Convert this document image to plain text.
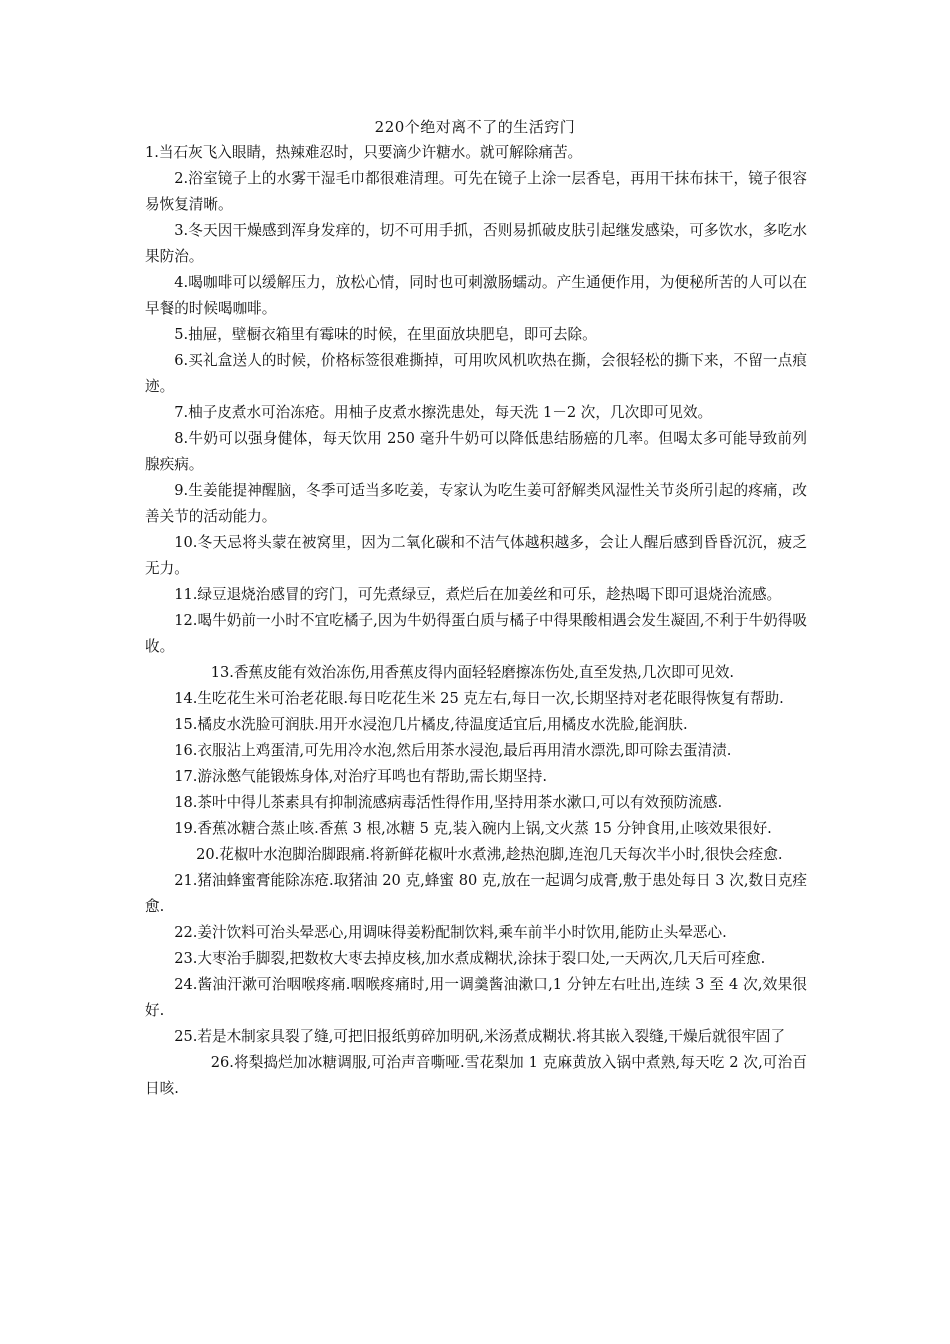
220个绝对离不了的生活窍门

1.当石灰飞入眼睛，热辣难忍时，只要滴少许糖水。就可解除痛苦。

2.浴室镜子上的水雾干湿毛巾都很难清理。可先在镜子上涂一层香皂，再用干抹布抹干，镜子很容易恢复清晰。

3.冬天因干燥感到浑身发痒的，切不可用手抓，否则易抓破皮肤引起继发感染，可多饮水，多吃水果防治。

4.喝咖啡可以缓解压力，放松心情，同时也可刺激肠蠕动。产生通便作用，为便秘所苦的人可以在早餐的时候喝咖啡。

5.抽屉，壁橱衣箱里有霉味的时候，在里面放块肥皂，即可去除。

6.买礼盒送人的时候，价格标签很难撕掉，可用吹风机吹热在撕，会很轻松的撕下来，不留一点痕迹。

7.柚子皮煮水可治冻疮。用柚子皮煮水擦洗患处，每天洗 1－2 次，几次即可见效。

8.牛奶可以强身健体，每天饮用 250 毫升牛奶可以降低患结肠癌的几率。但喝太多可能导致前列腺疾病。

9.生姜能提神醒脑，冬季可适当多吃姜，专家认为吃生姜可舒解类风湿性关节炎所引起的疼痛，改善关节的活动能力。

10.冬天忌将头蒙在被窝里，因为二氧化碳和不洁气体越积越多，会让人醒后感到昏昏沉沉，疲乏无力。

11.绿豆退烧治感冒的窍门，可先煮绿豆，煮烂后在加姜丝和可乐，趁热喝下即可退烧治流感。

12.喝牛奶前一小时不宜吃橘子,因为牛奶得蛋白质与橘子中得果酸相遇会发生凝固,不利于牛奶得吸收。

13.香蕉皮能有效治冻伤,用香蕉皮得内面轻轻磨擦冻伤处,直至发热,几次即可见效.

14.生吃花生米可治老花眼.每日吃花生米 25 克左右,每日一次,长期坚持对老花眼得恢复有帮助.

15.橘皮水洗脸可润肤.用开水浸泡几片橘皮,待温度适宜后,用橘皮水洗脸,能润肤.

16.衣服沾上鸡蛋清,可先用冷水泡,然后用茶水浸泡,最后再用清水漂洗,即可除去蛋清渍.

17.游泳憋气能锻炼身体,对治疗耳鸣也有帮助,需长期坚持.

18.茶叶中得儿茶素具有抑制流感病毒活性得作用,坚持用茶水漱口,可以有效预防流感.

19.香蕉冰糖合蒸止咳.香蕉 3 根,冰糖 5 克,装入碗内上锅,文火蒸 15 分钟食用,止咳效果很好.

20.花椒叶水泡脚治脚跟痛.将新鲜花椒叶水煮沸,趁热泡脚,连泡几天每次半小时,很快会痊愈.

21.猪油蜂蜜膏能除冻疮.取猪油 20 克,蜂蜜 80 克,放在一起调匀成膏,敷于患处每日 3 次,数日克痊愈.

22.姜汁饮料可治头晕恶心,用调味得姜粉配制饮料,乘车前半小时饮用,能防止头晕恶心.

23.大枣治手脚裂,把数枚大枣去掉皮核,加水煮成糊状,涂抹于裂口处,一天两次,几天后可痊愈.

24.酱油汗漱可治咽喉疼痛.咽喉疼痛时,用一调羹酱油漱口,1 分钟左右吐出,连续 3 至 4 次,效果很好.

25.若是木制家具裂了缝,可把旧报纸剪碎加明矾,米汤煮成糊状.将其嵌入裂缝,干燥后就很牢固了

26.将梨捣烂加冰糖调服,可治声音嘶哑.雪花梨加 1 克麻黄放入锅中煮熟,每天吃 2 次,可治百日咳.
